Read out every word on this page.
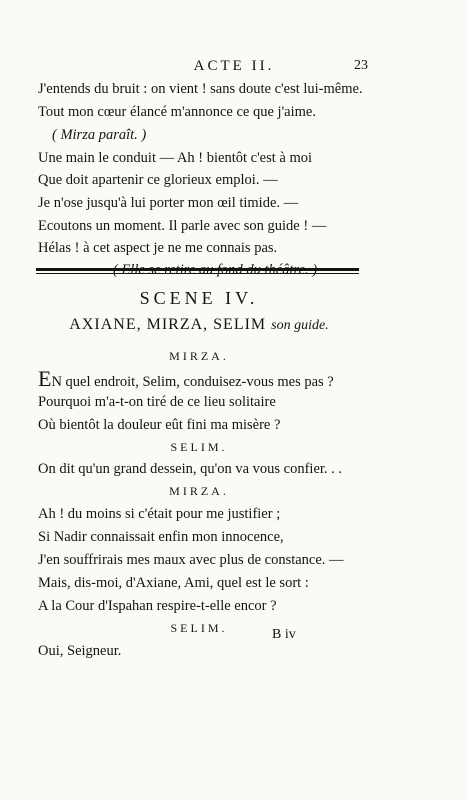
ACTE II.	23
J'entends du bruit : on vient ! sans doute c'est lui-même.
Tout mon cœur élancé m'annonce ce que j'aime.
( Mirza paraît. )
Une main le conduit — Ah ! bientôt c'est à moi
Que doit apartenir ce glorieux emploi. —
Je n'ose jusqu'à lui porter mon œil timide. —
Ecoutons un moment. Il parle avec son guide ! —
Hélas ! à cet aspect je ne me connais pas.
SCENE IV.
AXIANE, MIRZA, SELIM son guide.
MIRZA.
EN quel endroit, Selim, conduisez-vous mes pas ?
Pourquoi m'a-t-on tiré de ce lieu solitaire
Où bientôt la douleur eût fini ma misère ?
SELIM.
On dit qu'un grand dessein, qu'on va vous confier. . .
MIRZA.
Ah ! du moins si c'était pour me justifier ;
Si Nadir connaissait enfin mon innocence,
J'en souffrirais mes maux avec plus de constance. —
Mais, dis-moi, d'Axiane, Ami, quel est le sort :
A la Cour d'Ispahan respire-t-elle encor ?
SELIM.
Oui, Seigneur.
B iv
